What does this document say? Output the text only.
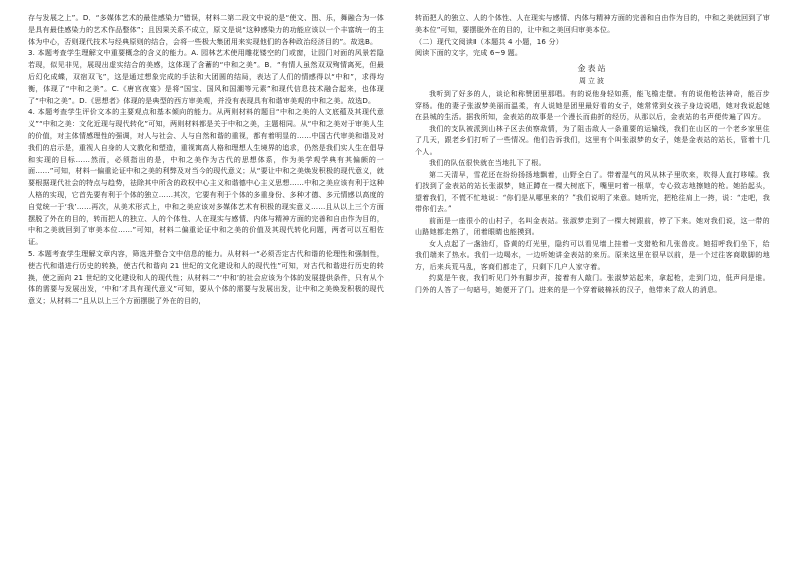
存与发展之上”。D．“多媒体艺术的最佳感染力”错误，材料二第二段文中说的是“使文、图、乐，舞融合为一体是具有最佳感染力的艺术作品整体”；且因果关系不成立，原文是说“这种感染力的功能应该以一个丰富统一的主体为中心，否则现代技术与经典原则的结合，会将一些极大集团用来实现他们的各种政治经济目的”。故选B。

3. 本题考查学生理解文中重要概念的含义的能力。A. 园林艺术使用雕花镂空的门或窗，让园门对面的风景若隐若现，似见非见，展现出虚实结合的美感，这体现了含蓄的“中和之美”。B．“有情人虽然双双殉情离死，但最后幻化成蝶，双宿双飞”，这是通过想象完成的手法和大团圆的结局，表达了人们的情感得以“中和”，求得均衡，体现了“中和之美”。C.《唐宫夜宴》是将“国宝、国风和国潮等元素”和现代信息技术融合起来，也体现了“中和之美”。D.《思想者》体现的是典型的西方审美观，并没有表现具有和谐审美观的中和之美。故选D。

4. 本题考查学生评价文本的主要观点和基本倾向的能力。从两则材料的题目“中和之美的人文底蕴及其现代意义”“中和之美：文化近现与现代转化”可知，两则材料都是关于中和之美，主题相同。从“中和之美对于审美人生的价值，对主体情感理性的强调，对人与社会、人与自然和谐的重视，都有着明显的……中国古代审美和谐及对我们的启示是，重视人自身的人文教化和塑造，重视寓高人格和理想人生境界的追求，仍然是我们实人生在倡导和实现的目标……然而，必须指出的是，中和之美作为古代的思想体系，作为美学观学典有其偏颇的一面……”可知，材料一偏重论证中和之美的利弊及对当今的现代意义；从“要让中和之美焕发积极的现代意义，就要根据现代社会的特点与趋势，祛除其中所含的政权中心主义和谐德中心主义思想……中和之美应该有利于这种人格的实现，它首先要有利于个体的独立……其次，它要有利于个体的多重身份、多种才德、多元情感以高度的自觉统一于‘我’……再次，从美术形式上，中和之美应该对多媒体艺术有积极的现实意义……且从以上三个方面摆脱了外在的目的，转而把人的独立、人的个体性、人在现实与感情、内体与精神方面的完善和自由作为目的，中和之美就回到了审美本位……”可知，材料二偏重论证中和之美的价值及其现代转化问题，两者可以互相佐证。

5. 本题考查学生理解文章内容，筛选并整合文中信息的能力。从材料一“必须否定古代和谐的伦理性和强制性，使古代和谐进行历史的转换，使古代和谐向 21 世纪的文化建设和人的现代性”可知，对古代和谐进行历史的转换，使之面向 21 世纪的文化建设和人的现代性；从材料二“‘中和’的社会应该为个体的发展提供条件，只有从个体的需要与发展出发，‘中和’才具有现代意义”可知，要从个体的需要与发展出发，让中和之美焕发积极的现代意义；从材料二“且从以上三个方面摆脱了外在的目的，

转而把人的独立、人的个体性、人在现实与感情、内体与精神方面的完善和自由作为目的，中和之美就回到了审美本位”可知，要摆脱外在的目的，让中和之美回归审美本位。

（二）现代文阅读Ⅱ（本题共 4 小题，16 分）

阅读下面的文字，完成 6~9 题。

金表站
周立波

我听到了好多的人，谈论和称赞团里那唱。有的说他身轻如燕，能飞檐走壁。有的说他枪法神奇，能百步穿杨。他的妻子张淑梦美丽而温柔，有人说她是团里最好看的女子，她常常到女孩子身边说唱，她对我说起她在县城的生活。据我所知，金表站的故事是一个漫长而曲折的经历，从那以后，金表站的名声便传遍了四方。

我们的支队被派到山林子区去侦察敌情，为了阻击敌人一条重要的运输线，我们在山区的一个老乡家里住了几天，跟老乡们打听了一些情况。他们告诉我们，这里有个叫张淑梦的女子，她是金表站的站长，管着十几个人。

我们的队伍很快就在当地扎下了根。

第二天清早，雪花还在纷纷扬扬地飘着，山野全白了。带着湿气的风从林子里吹来，吹得人直打哆嗦。我们找到了金表站的站长张淑梦，她正蹲在一棵大树底下，嘴里叼着一根草，专心致志地擦她的枪。她抬起头，望着我们，不慌不忙地说：“你们是从哪里来的？”我们说明了来意。她听完，把枪往肩上一挎，说：“走吧，我带你们去。”

前面是一座很小的山村子，名叫金表站。张淑梦走到了一棵大树跟前，停了下来。她对我们说，这一带的山路她都走熟了，闭着眼睛也能摸到。

女人点起了一盏油灯，昏黄的灯光里，隐约可以看见墙上挂着一支猎枪和几张兽皮。她招呼我们坐下，给我们端来了热水。我们一边喝水，一边听她讲金表站的来历。原来这里在很早以前，是一个过往客商歇脚的地方，后来兵荒马乱，客商们都走了，只剩下几户人家守着。

约莫是午夜，我们听见门外有脚步声，接着有人敲门。张淑梦站起来，拿起枪，走到门边，低声问是谁。门外的人答了一句暗号，她便开了门。进来的是一个穿着破棉袄的汉子，他带来了敌人的消息。
